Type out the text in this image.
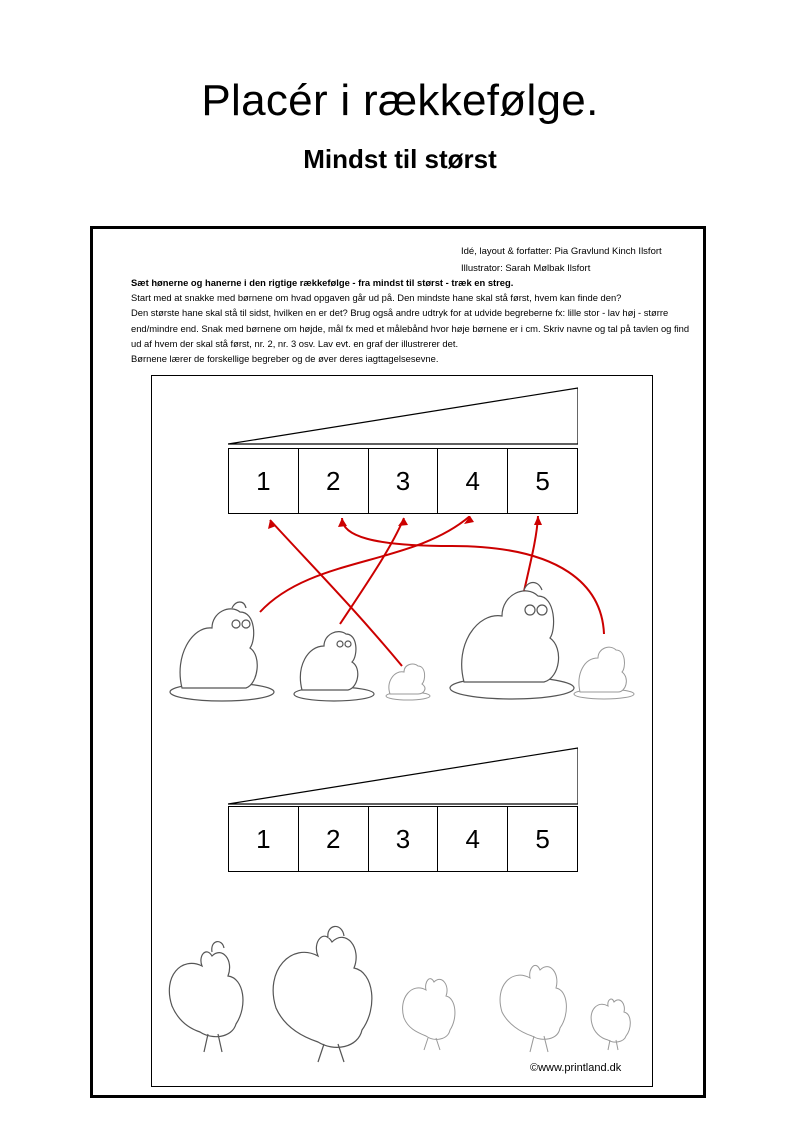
Placér i rækkefølge.
Mindst til størst
Idé, layout & forfatter: Pia Gravlund Kinch Ilsfort
Illustrator: Sarah Mølbak Ilsfort

Sæt hønerne og hanerne i den rigtige rækkefølge - fra mindst til størst - træk en streg.

Start med at snakke med børnene om hvad opgaven går ud på. Den mindste hane skal stå først, hvem kan finde den?

Den største hane skal stå til sidst, hvilken en er det? Brug også andre udtryk for at udvide begreberne fx: lille stor - lav høj - større end/mindre end. Snak med børnene om højde, mål fx med et målebånd hvor høje børnene er i cm. Skriv navne og tal på tavlen og find ud af hvem der skal stå først, nr. 2, nr. 3 osv. Lav evt. en graf der illustrerer det.

Børnene lærer de forskellige begreber og de øver deres iagttagelsesevne.

1	2	3	4	5
1	2	3	4	5
©www.printland.dk
